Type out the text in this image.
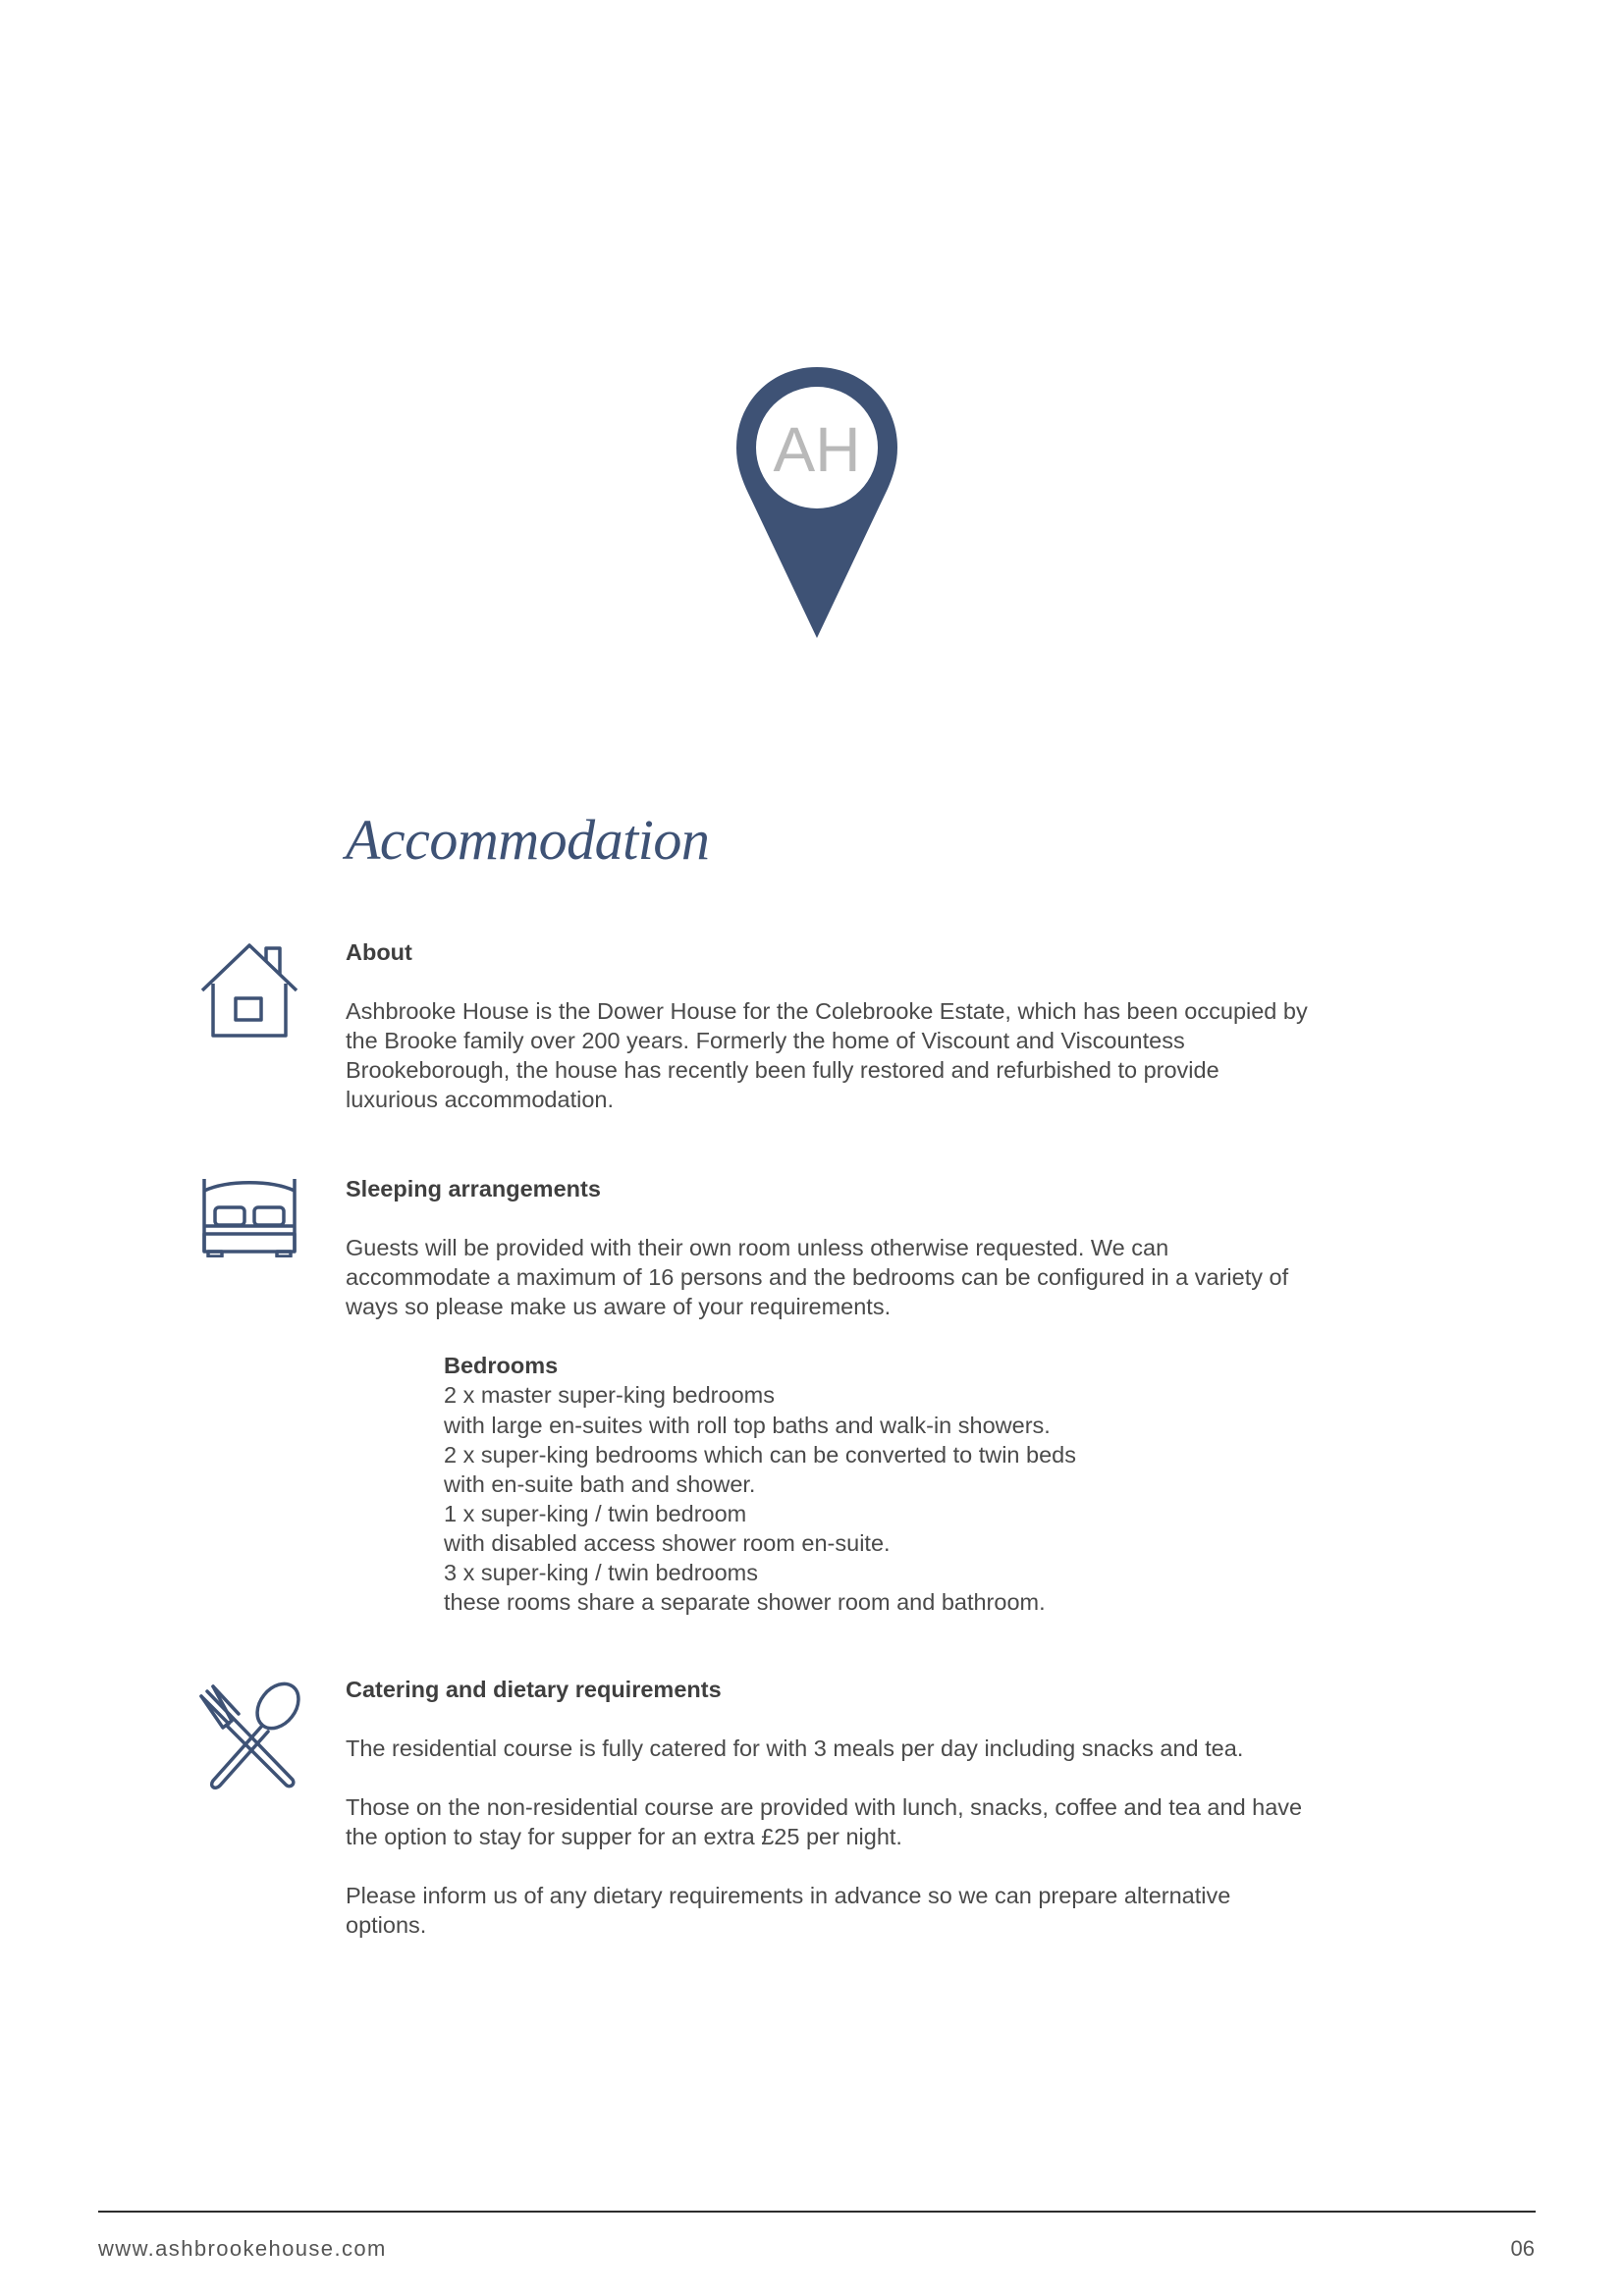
AH
Accommodation
About

Ashbrooke House is the Dower House for the Colebrooke Estate, which has been occupied by the Brooke family over 200 years. Formerly the home of Viscount and Viscountess Brookeborough, the house has recently been fully restored and refurbished to provide luxurious accommodation.

Sleeping arrangements

Guests will be provided with their own room unless otherwise requested. We can accommodate a maximum of 16 persons and the bedrooms can be configured in a variety of ways so please make us aware of your requirements.

Bedrooms
2 x master super-king bedrooms
with large en-suites with roll top baths and walk-in showers.
2 x super-king bedrooms which can be converted to twin beds
with en-suite bath and shower.
1 x super-king / twin bedroom
with disabled access shower room en-suite.
3 x super-king / twin bedrooms
these rooms share a separate shower room and bathroom.
Catering and dietary requirements

The residential course is fully catered for with 3 meals per day including snacks and tea.

Those on the non-residential course are provided with lunch, snacks, coffee and tea and have the option to stay for supper for an extra £25 per night.

Please inform us of any dietary requirements in advance so we can prepare alternative options.

www.ashbrookehouse.com	06
